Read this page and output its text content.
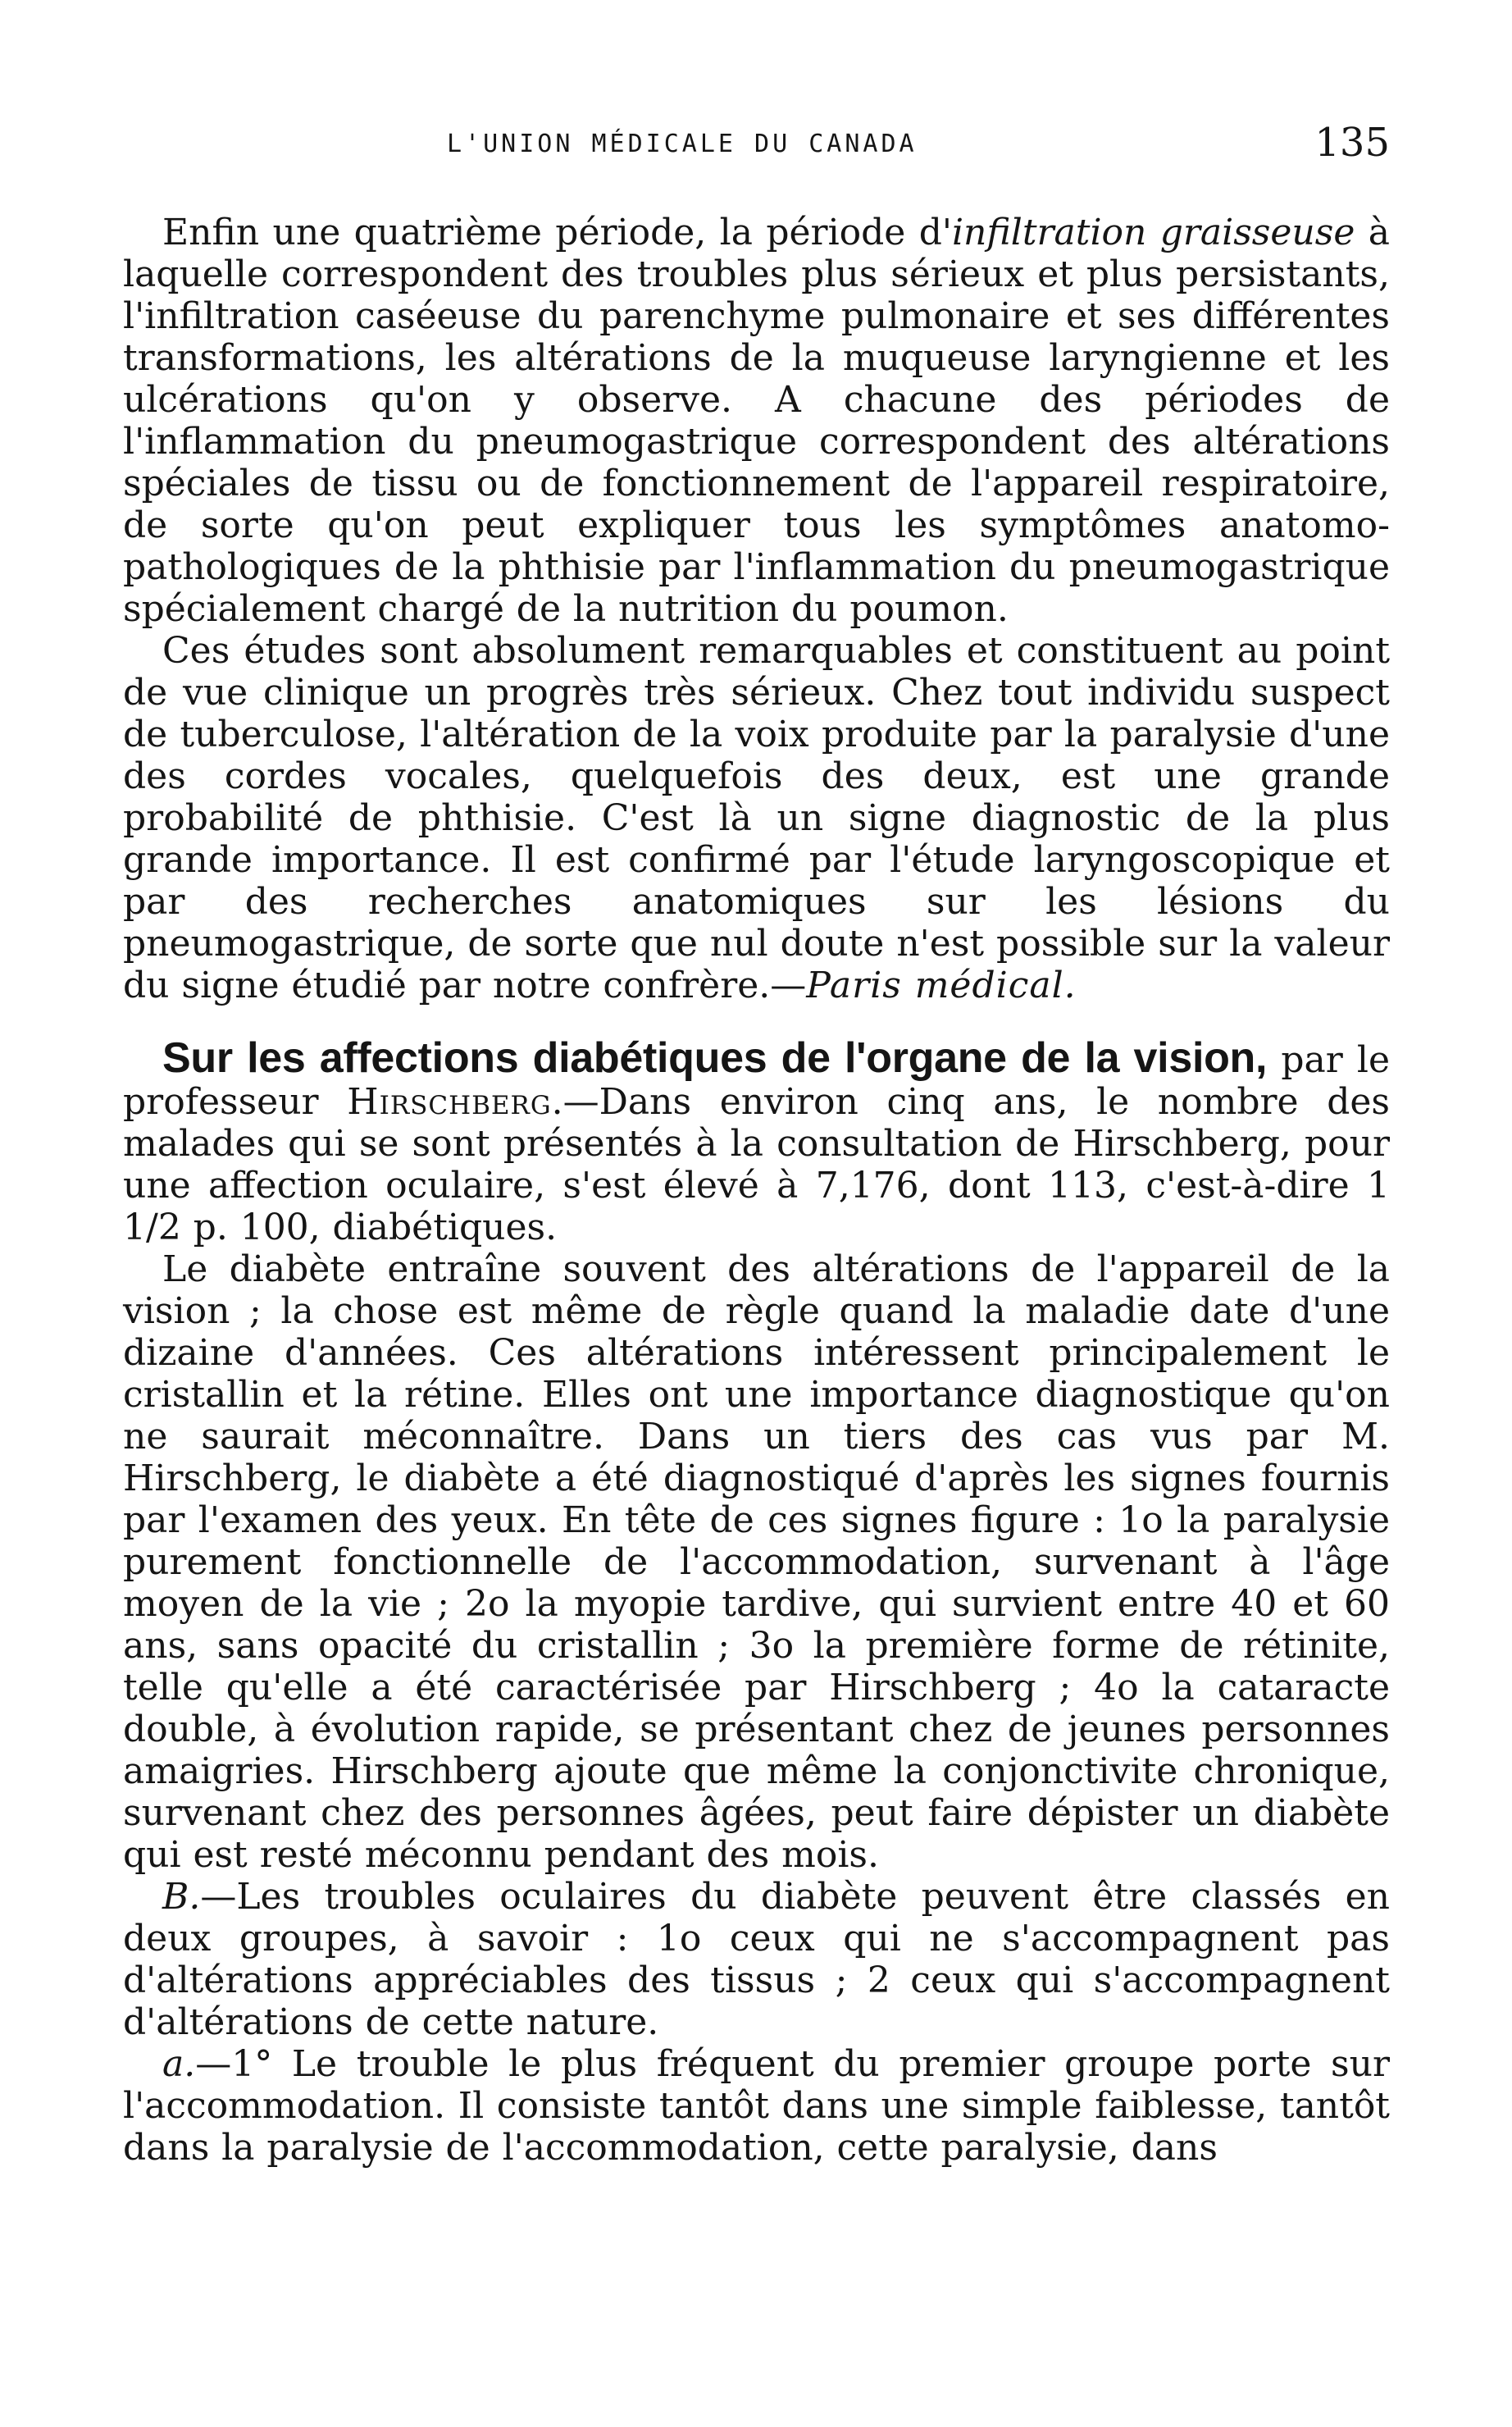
L'UNION MÉDICALE DU CANADA	135

Enfin une quatrième période, la période d'infiltration graisseuse à laquelle correspondent des troubles plus sérieux et plus persistants, l'infiltration caséeuse du parenchyme pulmonaire et ses différentes transformations, les altérations de la muqueuse laryngienne et les ulcérations qu'on y observe. A chacune des périodes de l'inflammation du pneumogastrique correspondent des altérations spéciales de tissu ou de fonctionnement de l'appareil respiratoire, de sorte qu'on peut expliquer tous les symptômes anatomo-pathologiques de la phthisie par l'inflammation du pneumogastrique spécialement chargé de la nutrition du poumon.

Ces études sont absolument remarquables et constituent au point de vue clinique un progrès très sérieux. Chez tout individu suspect de tuberculose, l'altération de la voix produite par la paralysie d'une des cordes vocales, quelquefois des deux, est une grande probabilité de phthisie. C'est là un signe diagnostic de la plus grande importance. Il est confirmé par l'étude laryngoscopique et par des recherches anatomiques sur les lésions du pneumogastrique, de sorte que nul doute n'est possible sur la valeur du signe étudié par notre confrère.—Paris médical.

Sur les affections diabétiques de l'organe de la vision, par le professeur Hirschberg.—Dans environ cinq ans, le nombre des malades qui se sont présentés à la consultation de Hirschberg, pour une affection oculaire, s'est élevé à 7,176, dont 113, c'est-à-dire 1 1/2 p. 100, diabétiques.

Le diabète entraîne souvent des altérations de l'appareil de la vision ; la chose est même de règle quand la maladie date d'une dizaine d'années. Ces altérations intéressent principalement le cristallin et la rétine. Elles ont une importance diagnostique qu'on ne saurait méconnaître. Dans un tiers des cas vus par M. Hirschberg, le diabète a été diagnostiqué d'après les signes fournis par l'examen des yeux. En tête de ces signes figure : 1o la paralysie purement fonctionnelle de l'accommodation, survenant à l'âge moyen de la vie ; 2o la myopie tardive, qui survient entre 40 et 60 ans, sans opacité du cristallin ; 3o la première forme de rétinite, telle qu'elle a été caractérisée par Hirschberg ; 4o la cataracte double, à évolution rapide, se présentant chez de jeunes personnes amaigries. Hirschberg ajoute que même la conjonctivite chronique, survenant chez des personnes âgées, peut faire dépister un diabète qui est resté méconnu pendant des mois.

B.—Les troubles oculaires du diabète peuvent être classés en deux groupes, à savoir : 1o ceux qui ne s'accompagnent pas d'altérations appréciables des tissus ; 2 ceux qui s'accompagnent d'altérations de cette nature.

a.—1° Le trouble le plus fréquent du premier groupe porte sur l'accommodation. Il consiste tantôt dans une simple faiblesse, tantôt dans la paralysie de l'accommodation, cette paralysie, dans
